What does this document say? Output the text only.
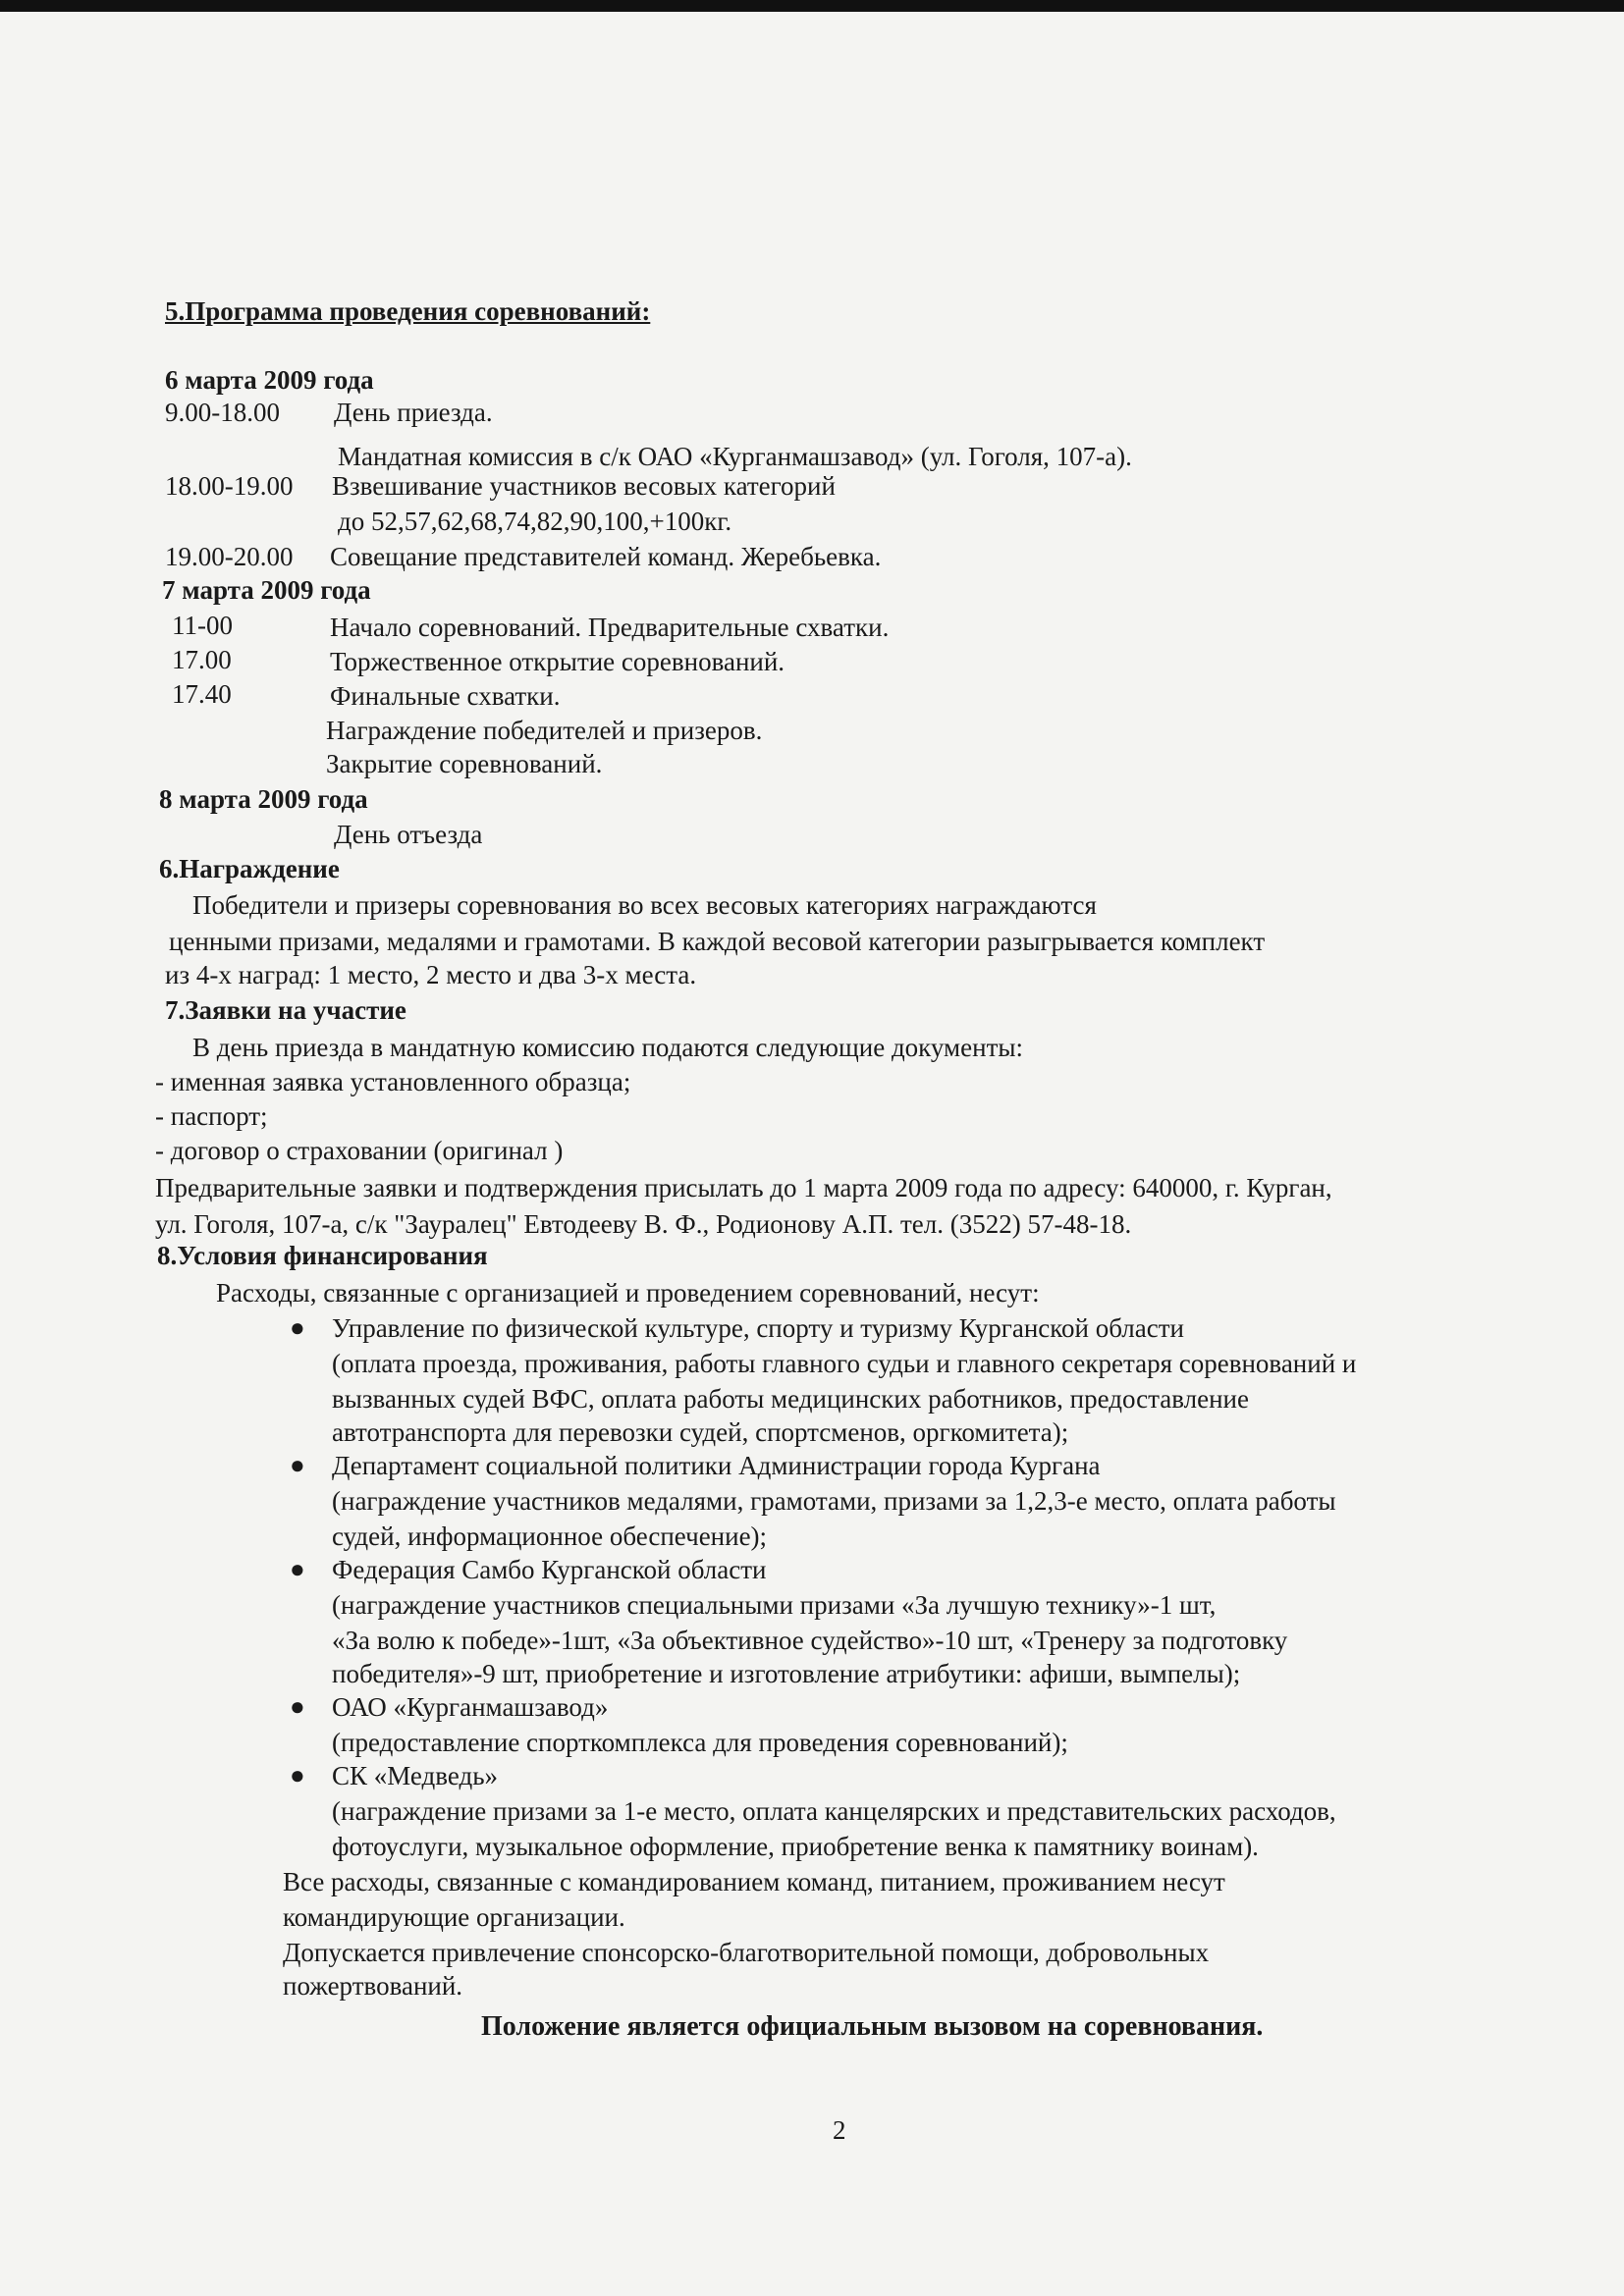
5.Программа проведения соревнований:
6 марта 2009 года
9.00-18.00 День приезда.
Мандатная комиссия в с/к ОАО «Курганмашзавод» (ул. Гоголя, 107-а).
18.00-19.00 Взвешивание участников весовых категорий
до 52,57,62,68,74,82,90,100,+100кг.
19.00-20.00 Совещание представителей команд. Жеребьевка.
7 марта 2009 года
11-00	Начало соревнований. Предварительные схватки.
17.00	Торжественное открытие соревнований.
17.40	Финальные схватки.
Награждение победителей и призеров.
Закрытие соревнований.
8 марта 2009 года
День отъезда
6.Награждение
Победители и призеры соревнования во всех весовых категориях награждаются
ценными призами, медалями и грамотами. В каждой весовой категории разыгрывается комплект
из 4-х наград: 1 место, 2 место и два 3-х места.
7.Заявки на участие
В день приезда в мандатную комиссию подаются следующие документы:
- именная заявка установленного образца;
- паспорт;
- договор о страховании (оригинал )
Предварительные заявки и подтверждения присылать до 1 марта 2009 года по адресу: 640000, г. Курган,
ул. Гоголя, 107-а, с/к "Зауралец" Евтодееву В. Ф., Родионову А.П. тел. (3522) 57-48-18.
8.Условия финансирования
Расходы, связанные с организацией и проведением соревнований, несут:
● Управление по физической культуре, спорту и туризму Курганской области
(оплата проезда, проживания, работы главного судьи и главного секретаря соревнований и
вызванных судей ВФС, оплата работы медицинских работников, предоставление
автотранспорта для перевозки судей, спортсменов, оргкомитета);
● Департамент социальной политики Администрации города Кургана
(награждение участников медалями, грамотами, призами за 1,2,3-е место, оплата работы
судей, информационное обеспечение);
● Федерация Самбо Курганской области
(награждение участников специальными призами «За лучшую технику»-1 шт,
«За волю к победе»-1шт, «За объективное судейство»-10 шт, «Тренеру за подготовку
победителя»-9 шт, приобретение и изготовление атрибутики: афиши, вымпелы);
● ОАО «Курганмашзавод»
(предоставление спорткомплекса для проведения соревнований);
● СК «Медведь»
(награждение призами за 1-е место, оплата канцелярских и представительских расходов,
фотоуслуги, музыкальное оформление, приобретение венка к памятнику воинам).
Все расходы, связанные с командированием команд, питанием, проживанием несут
командирующие организации.
Допускается привлечение спонсорско-благотворительной помощи, добровольных
пожертвований.
Положение является официальным вызовом на соревнования.
2
